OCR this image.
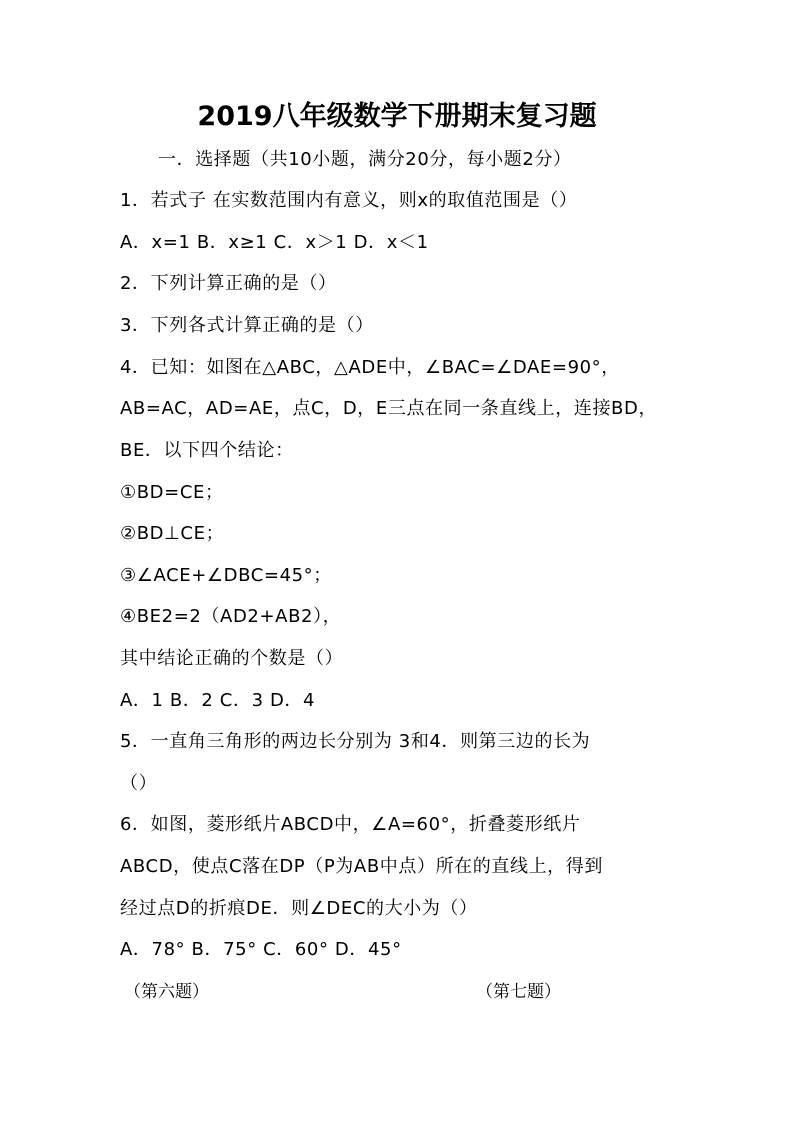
2019八年级数学下册期末复习题
一．选择题（共10小题，满分20分，每小题2分）
1．若式子 在实数范围内有意义，则x的取值范围是（）
A．x=1 B．x≥1 C．x＞1 D．x＜1
2．下列计算正确的是（）
3．下列各式计算正确的是（）
4．已知：如图在△ABC，△ADE中，∠BAC=∠DAE=90°，
AB=AC，AD=AE，点C，D，E三点在同一条直线上，连接BD，
BE．以下四个结论：
①BD=CE；
②BD⊥CE；
③∠ACE+∠DBC=45°；
④BE2=2（AD2+AB2），
其中结论正确的个数是（）
A．1 B．2 C．3 D．4
5．一直角三角形的两边长分别为 3和4．则第三边的长为
（）
6．如图，菱形纸片ABCD中，∠A=60°，折叠菱形纸片
ABCD，使点C落在DP（P为AB中点）所在的直线上，得到
经过点D的折痕DE．则∠DEC的大小为（）
A．78° B．75° C．60° D．45°
（第六题）	（第七题）
